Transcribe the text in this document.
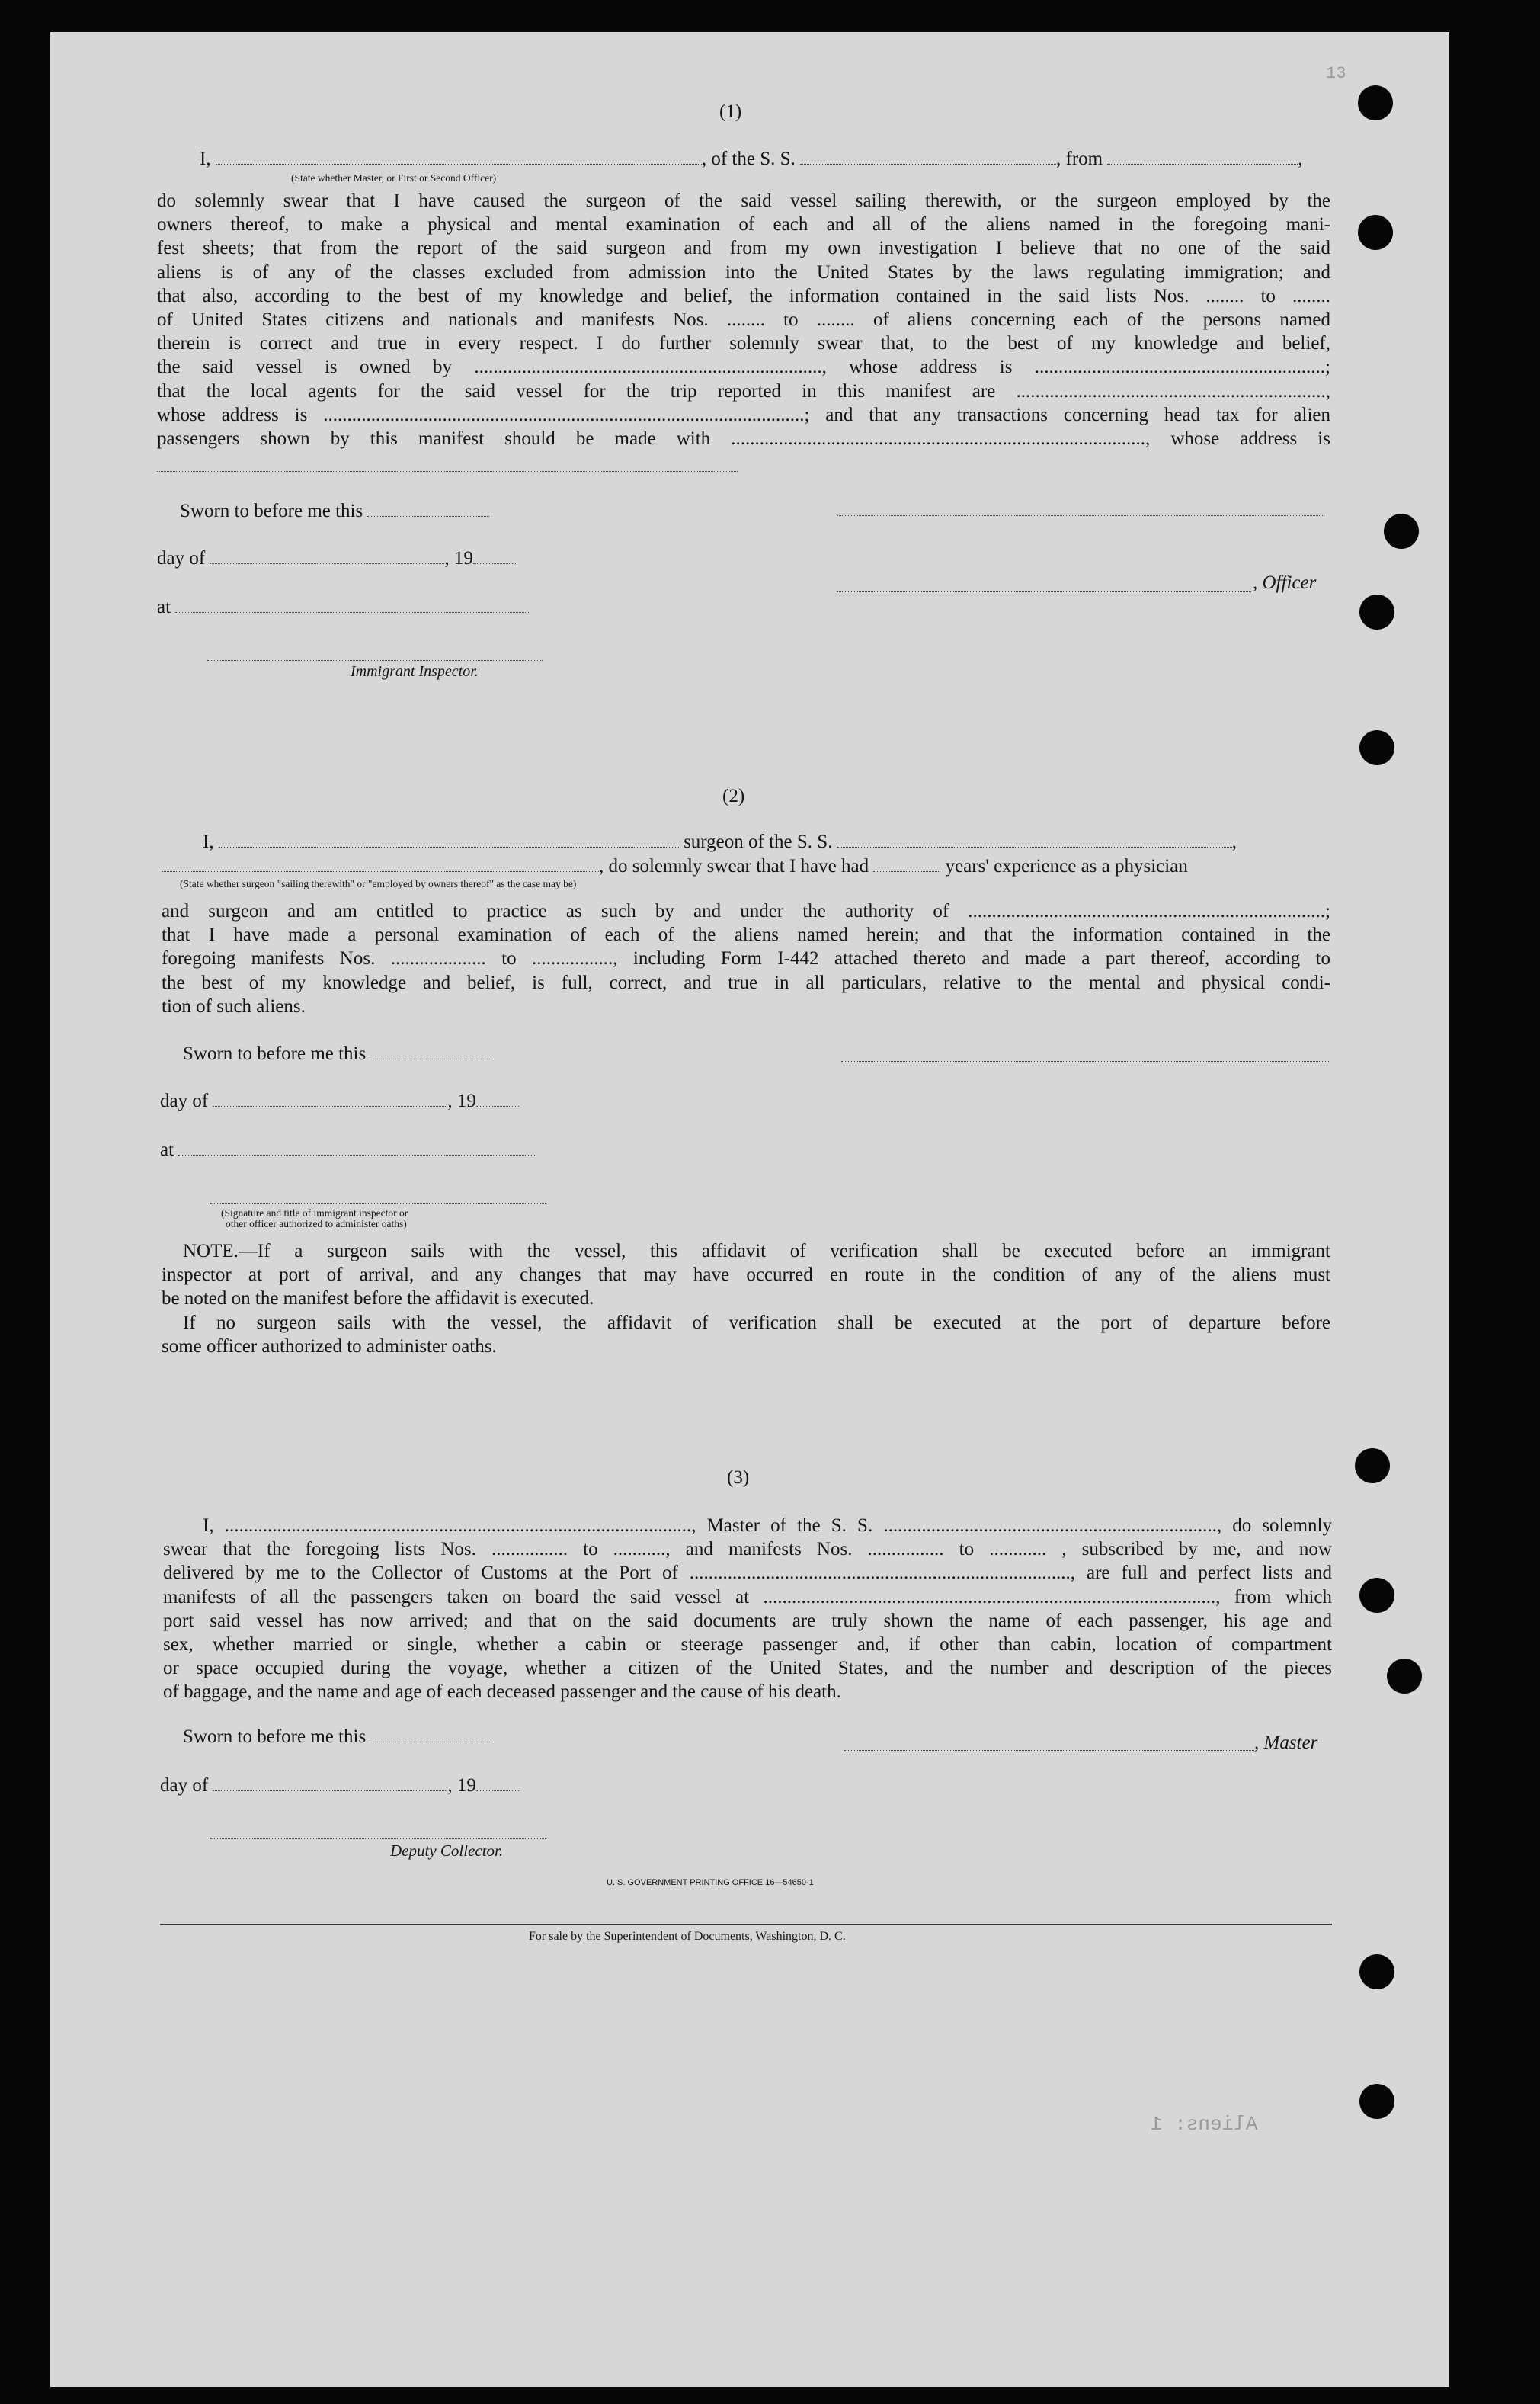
13
Aliens: 1
(1)
I,	, of the S. S.	, from	,
(State whether Master, or First or Second Officer)
do solemnly swear that I have caused the surgeon of the said vessel sailing therewith, or the surgeon employed by the
owners thereof, to make a physical and mental examination of each and all of the aliens named in the foregoing mani-
fest sheets; that from the report of the said surgeon and from my own investigation I believe that no one of the said
aliens is of any of the classes excluded from admission into the United States by the laws regulating immigration; and
that also, according to the best of my knowledge and belief, the information contained in the said lists Nos. ........ to ........
of United States citizens and nationals and manifests Nos. ........ to ........ of aliens concerning each of the persons named
therein is correct and true in every respect. I do further solemnly swear that, to the best of my knowledge and belief,
the said vessel is owned by ........................................................................., whose address is .............................................................;
that the local agents for the said vessel for the trip reported in this manifest are .................................................................,
whose address is .....................................................................................................; and that any transactions concerning head tax for alien
passengers shown by this manifest should be made with ......................................................................................., whose address is
Sworn to before me this
day of	, 19
, Officer
at
Immigrant Inspector.
(2)
I,	surgeon of the S. S.	,
, do solemnly swear that I have had	years' experience as a physician
(State whether surgeon "sailing therewith" or "employed by owners thereof" as the case may be)
and surgeon and am entitled to practice as such by and under the authority of ...........................................................................;
that I have made a personal examination of each of the aliens named herein; and that the information contained in the
foregoing manifests Nos. .................... to ................., including Form I-442 attached thereto and made a part thereof, according to
the best of my knowledge and belief, is full, correct, and true in all particulars, relative to the mental and physical condi-
tion of such aliens.
Sworn to before me this
day of	, 19
at
(Signature and title of immigrant inspector or
other officer authorized to administer oaths)
NOTE.—If a surgeon sails with the vessel, this affidavit of verification shall be executed before an immigrant
inspector at port of arrival, and any changes that may have occurred en route in the condition of any of the aliens must
be noted on the manifest before the affidavit is executed.
If no surgeon sails with the vessel, the affidavit of verification shall be executed at the port of departure before
some officer authorized to administer oaths.
(3)
I, .................................................................................................., Master of the S. S. ......................................................................, do solemnly
swear that the foregoing lists Nos. ................ to ..........., and manifests Nos. ................ to ............ , subscribed by me, and now
delivered by me to the Collector of Customs at the Port of ................................................................................, are full and perfect lists and
manifests of all the passengers taken on board the said vessel at ..............................................................................................., from which
port said vessel has now arrived; and that on the said documents are truly shown the name of each passenger, his age and
sex, whether married or single, whether a cabin or steerage passenger and, if other than cabin, location of compartment
or space occupied during the voyage, whether a citizen of the United States, and the number and description of the pieces
of baggage, and the name and age of each deceased passenger and the cause of his death.
Sworn to before me this	, Master
day of	, 19
Deputy Collector.
U. S. GOVERNMENT PRINTING OFFICE 16—54650-1
For sale by the Superintendent of Documents, Washington, D. C.
